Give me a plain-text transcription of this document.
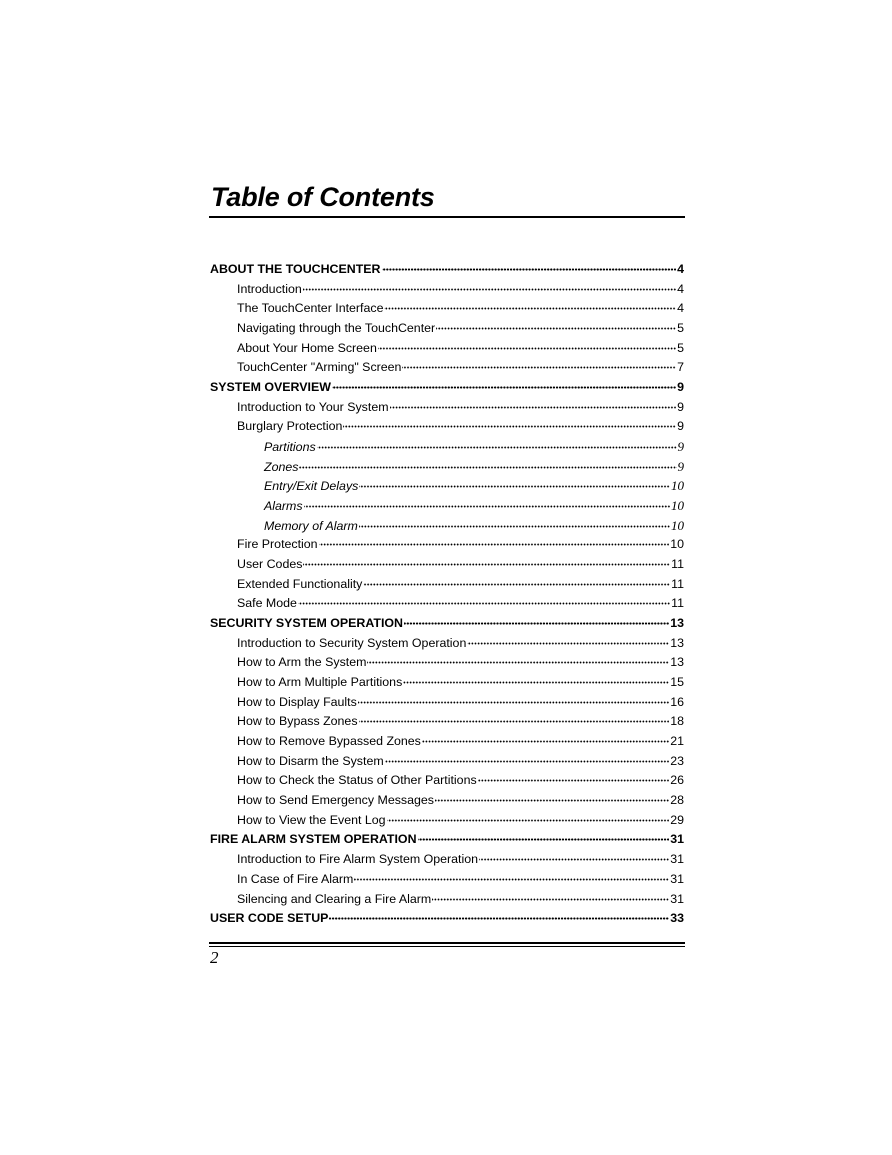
Table of Contents
ABOUT THE TOUCHCENTER	4
Introduction	4
The TouchCenter Interface	4
Navigating through the TouchCenter	5
About Your Home Screen	5
TouchCenter "Arming" Screen	7
SYSTEM OVERVIEW	9
Introduction to Your System	9
Burglary Protection	9
Partitions	9
Zones	9
Entry/Exit Delays	10
Alarms	10
Memory of Alarm	10
Fire Protection	10
User Codes	11
Extended Functionality	11
Safe Mode	11
SECURITY SYSTEM OPERATION	13
Introduction to Security System Operation	13
How to Arm the System	13
How to Arm Multiple Partitions	15
How to Display Faults	16
How to Bypass Zones	18
How to Remove Bypassed Zones	21
How to Disarm the System	23
How to Check the Status of Other Partitions	26
How to Send Emergency Messages	28
How to View the Event Log	29
FIRE ALARM SYSTEM OPERATION	31
Introduction to Fire Alarm System Operation	31
In Case of Fire Alarm	31
Silencing and Clearing a Fire Alarm	31
USER CODE SETUP	33
2
